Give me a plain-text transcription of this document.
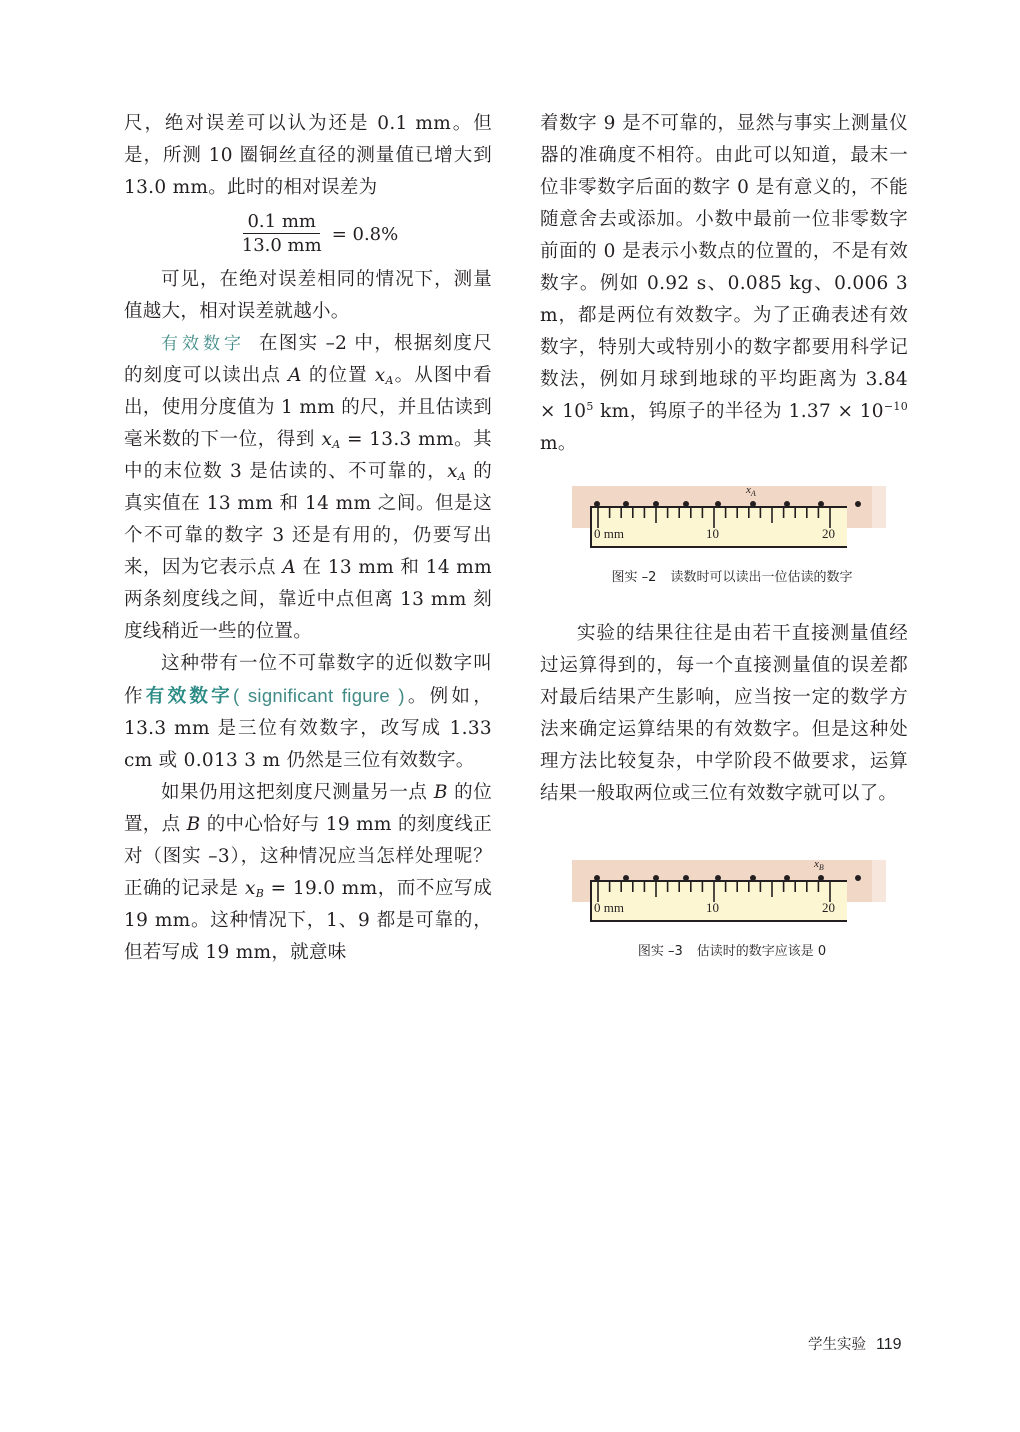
尺，绝对误差可以认为还是 0.1 mm。但是，所测 10 圈铜丝直径的测量值已增大到 13.0 mm。此时的相对误差为

$\frac{0.1 mm}{13.0 mm} = 0.8\%$

可见，在绝对误差相同的情况下，测量值越大，相对误差就越小。

有效数字 在图实 –2 中，根据刻度尺的刻度可以读出点 A 的位置 $x_A$。从图中看出，使用分度值为 1 mm 的尺，并且估读到毫米数的下一位，得到 $x_A = 13.3$ mm。其中的末位数 3 是估读的、不可靠的，$x_A$ 的真实值在 13 mm 和 14 mm 之间。但是这个不可靠的数字 3 还是有用的，仍要写出来，因为它表示点 A 在 13 mm 和 14 mm 两条刻度线之间，靠近中点但离 13 mm 刻度线稍近一些的位置。

这种带有一位不可靠数字的近似数字叫作有效数字( significant figure )。例如，13.3 mm 是三位有效数字，改写成 1.33 cm 或 0.013 3 m 仍然是三位有效数字。

如果仍用这把刻度尺测量另一点 B 的位置，点 B 的中心恰好与 19 mm 的刻度线正对（图实 –3），这种情况应当怎样处理呢？正确的记录是 $x_B = 19.0$ mm，而不应写成 19 mm。这种情况下，1、9 都是可靠的，但若写成 19 mm，就意味

着数字 9 是不可靠的，显然与事实上测量仪器的准确度不相符。由此可以知道，最末一位非零数字后面的数字 0 是有意义的，不能随意舍去或添加。小数中最前一位非零数字前面的 0 是表示小数点的位置的，不是有效数字。例如 0.92 s、0.085 kg、0.006 3 m，都是两位有效数字。为了正确表述有效数字，特别大或特别小的数字都要用科学记数法，例如月球到地球的平均距离为 $3.84 \times 10^5$ km，钨原子的半径为 $1.37 \times 10^{-10}$ m。

实验的结果往往是由若干直接测量值经过运算得到的，每一个直接测量值的误差都对最后结果产生影响，应当按一定的数学方法来确定运算结果的有效数字。但是这种处理方法比较复杂，中学阶段不做要求，运算结果一般取两位或三位有效数字就可以了。

0 mm	10	20
$x_A$
图实 –2 读数时可以读出一位估读的数字
0 mm	10	20
$x_B$
图实 –3 估读时的数字应该是 0
学生实验 119
